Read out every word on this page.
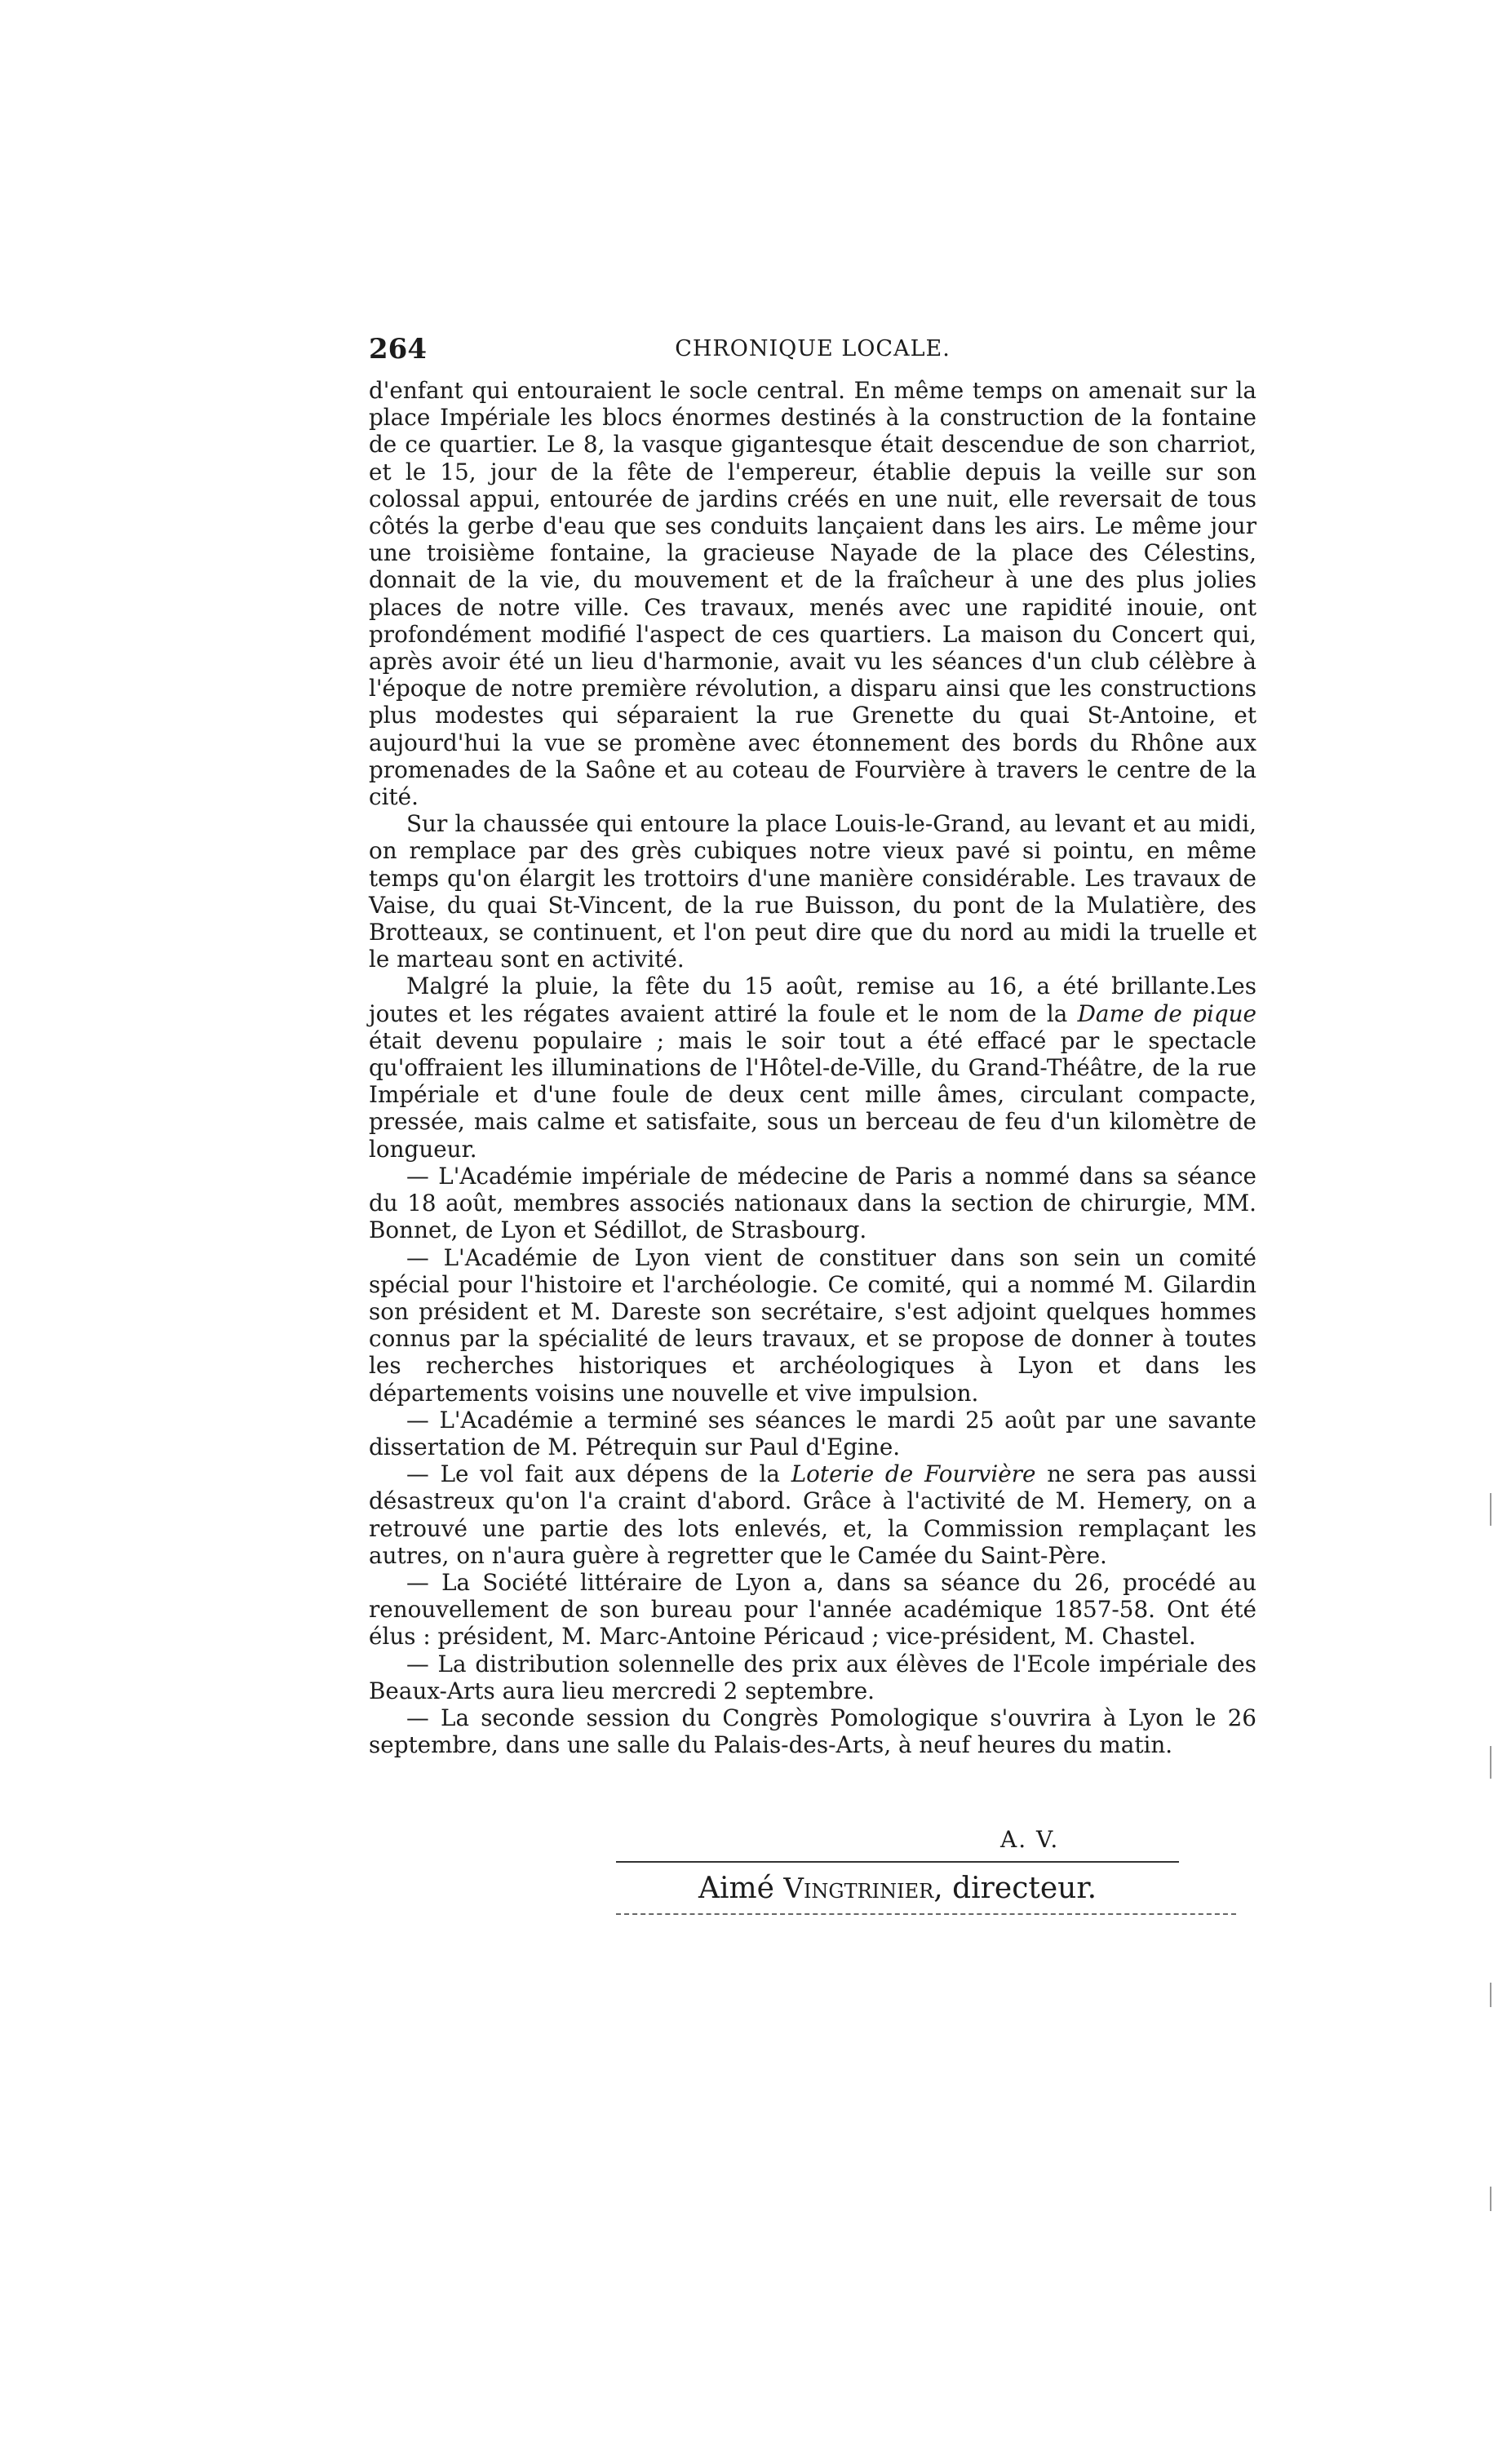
264	CHRONIQUE LOCALE.

d'enfant qui entouraient le socle central. En même temps on amenait sur la place Impériale les blocs énormes destinés à la construction de la fontaine de ce quartier. Le 8, la vasque gigantesque était descendue de son charriot, et le 15, jour de la fête de l'empereur, établie depuis la veille sur son colossal appui, entourée de jardins créés en une nuit, elle reversait de tous côtés la gerbe d'eau que ses conduits lançaient dans les airs. Le même jour une troisième fontaine, la gracieuse Nayade de la place des Célestins, donnait de la vie, du mouvement et de la fraîcheur à une des plus jolies places de notre ville. Ces travaux, menés avec une rapidité inouie, ont profondément modifié l'aspect de ces quartiers. La maison du Concert qui, après avoir été un lieu d'harmonie, avait vu les séances d'un club célèbre à l'époque de notre première révolution, a disparu ainsi que les constructions plus modestes qui séparaient la rue Grenette du quai St-Antoine, et aujourd'hui la vue se promène avec étonnement des bords du Rhône aux promenades de la Saône et au coteau de Fourvière à travers le centre de la cité.

Sur la chaussée qui entoure la place Louis-le-Grand, au levant et au midi, on remplace par des grès cubiques notre vieux pavé si pointu, en même temps qu'on élargit les trottoirs d'une manière considérable. Les travaux de Vaise, du quai St-Vincent, de la rue Buisson, du pont de la Mulatière, des Brotteaux, se continuent, et l'on peut dire que du nord au midi la truelle et le marteau sont en activité.

Malgré la pluie, la fête du 15 août, remise au 16, a été brillante.Les joutes et les régates avaient attiré la foule et le nom de la Dame de pique était devenu populaire ; mais le soir tout a été effacé par le spectacle qu'offraient les illuminations de l'Hôtel-de-Ville, du Grand-Théâtre, de la rue Impériale et d'une foule de deux cent mille âmes, circulant compacte, pressée, mais calme et satisfaite, sous un berceau de feu d'un kilomètre de longueur.

— L'Académie impériale de médecine de Paris a nommé dans sa séance du 18 août, membres associés nationaux dans la section de chirurgie, MM. Bonnet, de Lyon et Sédillot, de Strasbourg.

— L'Académie de Lyon vient de constituer dans son sein un comité spécial pour l'histoire et l'archéologie. Ce comité, qui a nommé M. Gilardin son président et M. Dareste son secrétaire, s'est adjoint quelques hommes connus par la spécialité de leurs travaux, et se propose de donner à toutes les recherches historiques et archéologiques à Lyon et dans les départements voisins une nouvelle et vive impulsion.

— L'Académie a terminé ses séances le mardi 25 août par une savante dissertation de M. Pétrequin sur Paul d'Egine.

— Le vol fait aux dépens de la Loterie de Fourvière ne sera pas aussi désastreux qu'on l'a craint d'abord. Grâce à l'activité de M. Hemery, on a retrouvé une partie des lots enlevés, et, la Commission remplaçant les autres, on n'aura guère à regretter que le Camée du Saint-Père.

— La Société littéraire de Lyon a, dans sa séance du 26, procédé au renouvellement de son bureau pour l'année académique 1857-58. Ont été élus : président, M. Marc-Antoine Péricaud ; vice-président, M. Chastel.

— La distribution solennelle des prix aux élèves de l'Ecole impériale des Beaux-Arts aura lieu mercredi 2 septembre.

— La seconde session du Congrès Pomologique s'ouvrira à Lyon le 26 septembre, dans une salle du Palais-des-Arts, à neuf heures du matin.

A. V.
Aimé Vingtrinier, directeur.
